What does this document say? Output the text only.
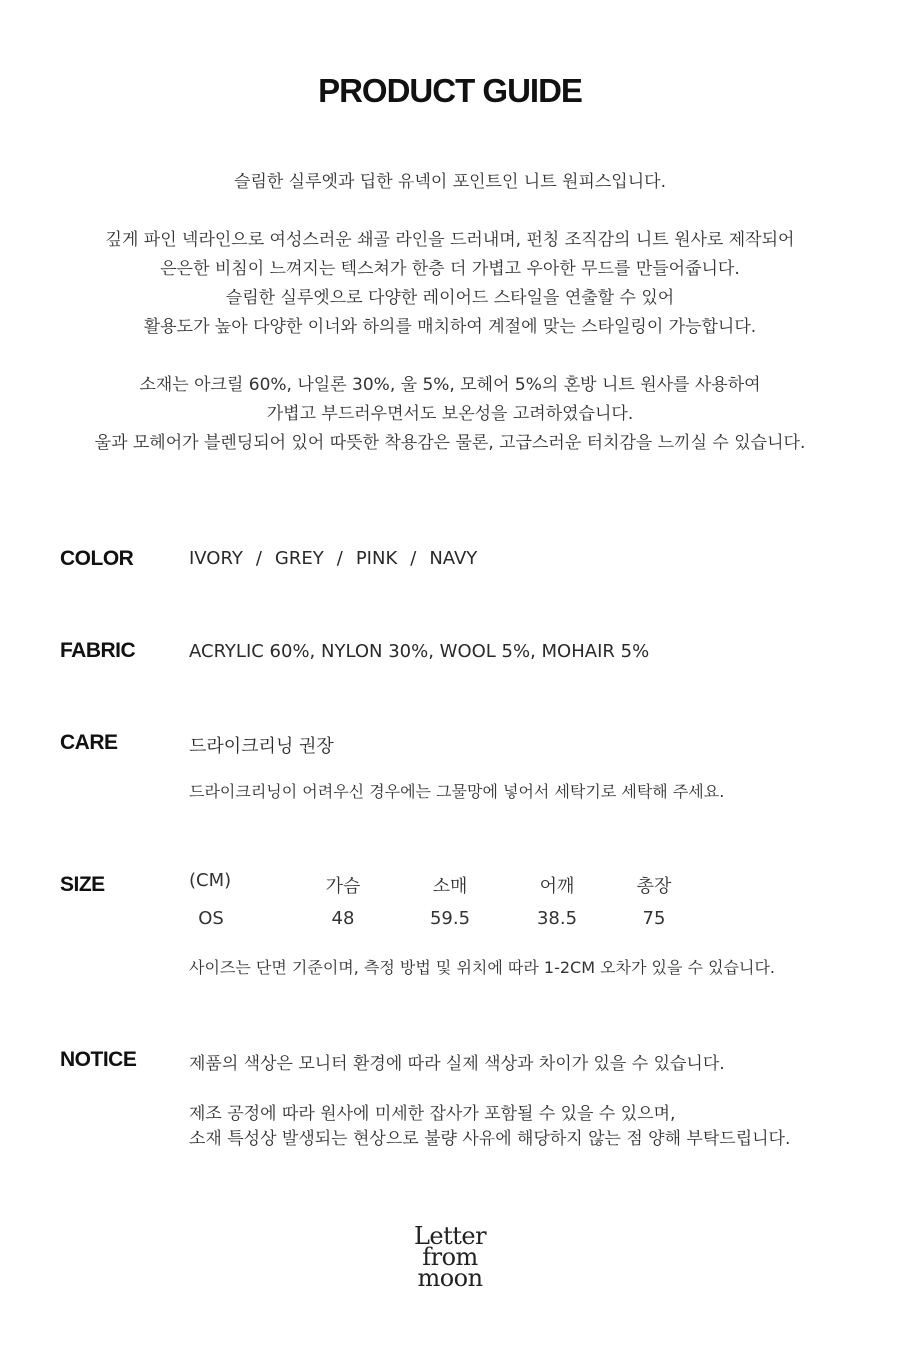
PRODUCT GUIDE

슬림한 실루엣과 딥한 유넥이 포인트인 니트 원피스입니다.

깊게 파인 넥라인으로 여성스러운 쇄골 라인을 드러내며, 펀칭 조직감의 니트 원사로 제작되어
은은한 비침이 느껴지는 텍스쳐가 한층 더 가볍고 우아한 무드를 만들어줍니다.
슬림한 실루엣으로 다양한 레이어드 스타일을 연출할 수 있어
활용도가 높아 다양한 이너와 하의를 매치하여 계절에 맞는 스타일링이 가능합니다.

소재는 아크릴 60%, 나일론 30%, 울 5%, 모헤어 5%의 혼방 니트 원사를 사용하여
가볍고 부드러우면서도 보온성을 고려하였습니다.
울과 모헤어가 블렌딩되어 있어 따뜻한 착용감은 물론, 고급스러운 터치감을 느끼실 수 있습니다.

COLOR	IVORY / GREY / PINK / NAVY
FABRIC	ACRYLIC 60%, NYLON 30%, WOOL 5%, MOHAIR 5%
CARE	드라이크리닝 권장
드라이크리닝이 어려우신 경우에는 그물망에 넣어서 세탁기로 세탁해 주세요.
SIZE	(CM)	가슴	소매	어깨	총장
OS	48	59.5	38.5	75
사이즈는 단면 기준이며, 측정 방법 및 위치에 따라 1-2CM 오차가 있을 수 있습니다.
NOTICE	제품의 색상은 모니터 환경에 따라 실제 색상과 차이가 있을 수 있습니다.
제조 공정에 따라 원사에 미세한 잡사가 포함될 수 있을 수 있으며,
소재 특성상 발생되는 현상으로 불량 사유에 해당하지 않는 점 양해 부탁드립니다.
Letter
from
moon
